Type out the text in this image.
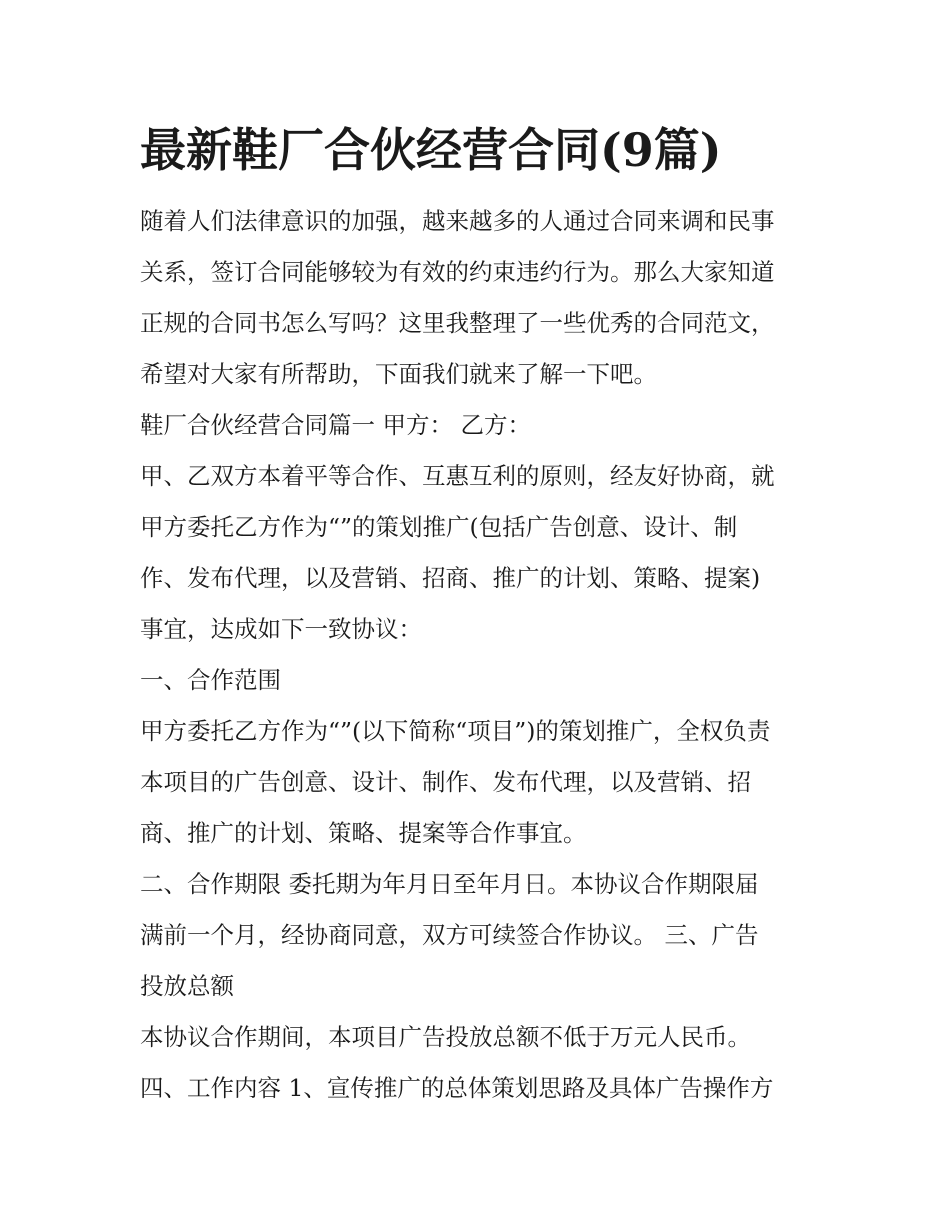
最新鞋厂合伙经营合同(9篇)
随着人们法律意识的加强，越来越多的人通过合同来调和民事
关系，签订合同能够较为有效的约束违约行为。那么大家知道
正规的合同书怎么写吗？这里我整理了一些优秀的合同范文，
希望对大家有所帮助，下面我们就来了解一下吧。
鞋厂合伙经营合同篇一 甲方： 乙方：
甲、乙双方本着平等合作、互惠互利的原则，经友好协商，就
甲方委托乙方作为“”的策划推广(包括广告创意、设计、制
作、发布代理，以及营销、招商、推广的计划、策略、提案)
事宜，达成如下一致协议：
一、合作范围
甲方委托乙方作为“”(以下简称“项目”)的策划推广，全权负责
本项目的广告创意、设计、制作、发布代理，以及营销、招
商、推广的计划、策略、提案等合作事宜。
二、合作期限 委托期为年月日至年月日。本协议合作期限届
满前一个月，经协商同意，双方可续签合作协议。 三、广告
投放总额
本协议合作期间，本项目广告投放总额不低于万元人民币。
四、工作内容 1、宣传推广的总体策划思路及具体广告操作方
